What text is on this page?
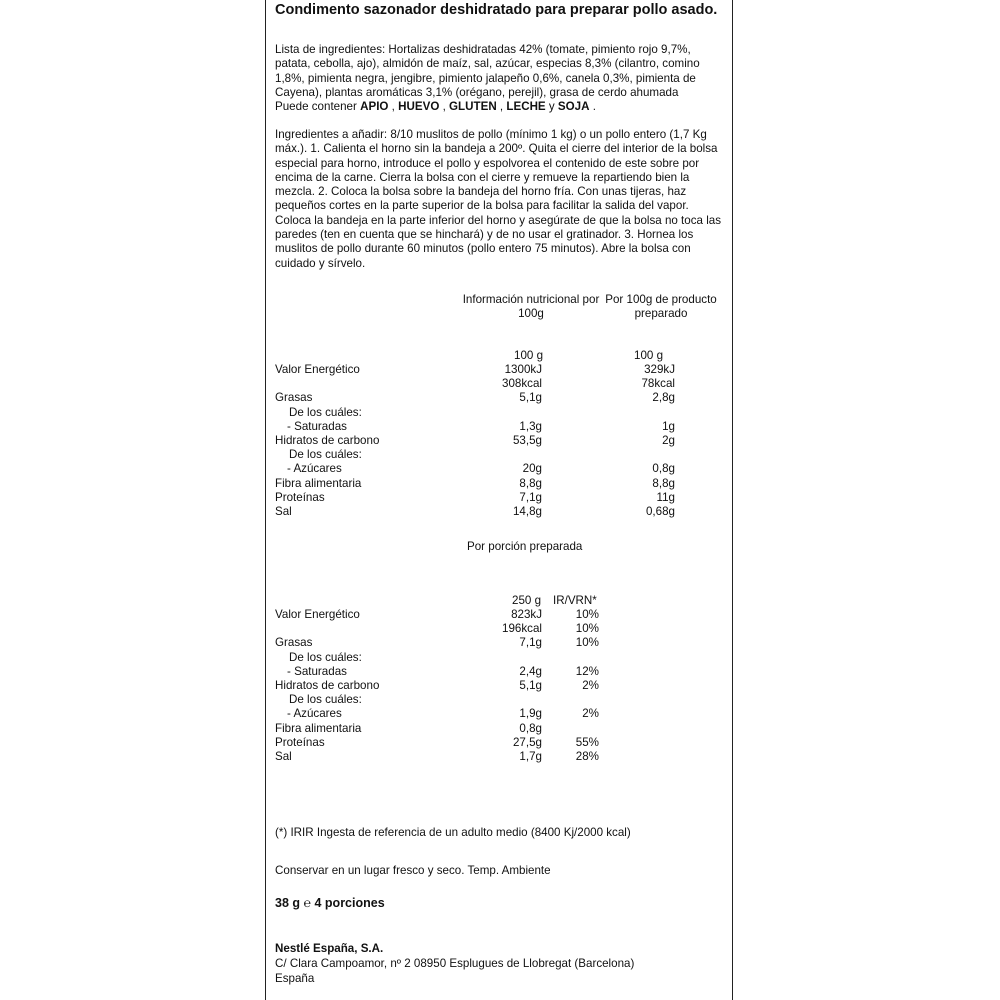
Condimento sazonador deshidratado para preparar pollo asado.
Lista de ingredientes: Hortalizas deshidratadas 42% (tomate, pimiento rojo 9,7%, patata, cebolla, ajo), almidón de maíz, sal, azúcar, especias 8,3% (cilantro, comino 1,8%, pimienta negra, jengibre, pimiento jalapeño 0,6%, canela 0,3%, pimienta de Cayena), plantas aromáticas 3,1% (orégano, perejil), grasa de cerdo ahumada
Puede contener APIO , HUEVO , GLUTEN , LECHE y SOJA .
Ingredientes a añadir: 8/10 muslitos de pollo (mínimo 1 kg) o un pollo entero (1,7 Kg máx.). 1. Calienta el horno sin la bandeja a 200º. Quita el cierre del interior de la bolsa especial para horno, introduce el pollo y espolvorea el contenido de este sobre por encima de la carne. Cierra la bolsa con el cierre y remueve la repartiendo bien la mezcla. 2. Coloca la bolsa sobre la bandeja del horno fría. Con unas tijeras, haz pequeños cortes en la parte superior de la bolsa para facilitar la salida del vapor. Coloca la bandeja en la parte inferior del horno y asegúrate de que la bolsa no toca las paredes (ten en cuenta que se hinchará) y de no usar el gratinador. 3. Hornea los muslitos de pollo durante 60 minutos (pollo entero 75 minutos). Abre la bolsa con cuidado y sírvelo.
Información nutricional por 100g
Por 100g de producto preparado
100 g	100 g
Valor Energético	1300kJ	329kJ
308kcal	78kcal
Grasas	5,1g	2,8g
De los cuáles:
- Saturadas	1,3g	1g
Hidratos de carbono	53,5g	2g
De los cuáles:
- Azúcares	20g	0,8g
Fibra alimentaria	8,8g	8,8g
Proteínas	7,1g	11g
Sal	14,8g	0,68g
Por porción preparada
250 g IR/VRN*
Valor Energético	823kJ	10%
196kcal	10%
Grasas	7,1g	10%
De los cuáles:
- Saturadas	2,4g	12%
Hidratos de carbono	5,1g	2%
De los cuáles:
- Azúcares	1,9g	2%
Fibra alimentaria	0,8g
Proteínas	27,5g	55%
Sal	1,7g	28%
(*) IRIR Ingesta de referencia de un adulto medio (8400 Kj/2000 kcal)
Conservar en un lugar fresco y seco. Temp. Ambiente
38 g ℮ 4 porciones
Nestlé España, S.A.
C/ Clara Campoamor, nº 2 08950 Esplugues de Llobregat (Barcelona)
España
